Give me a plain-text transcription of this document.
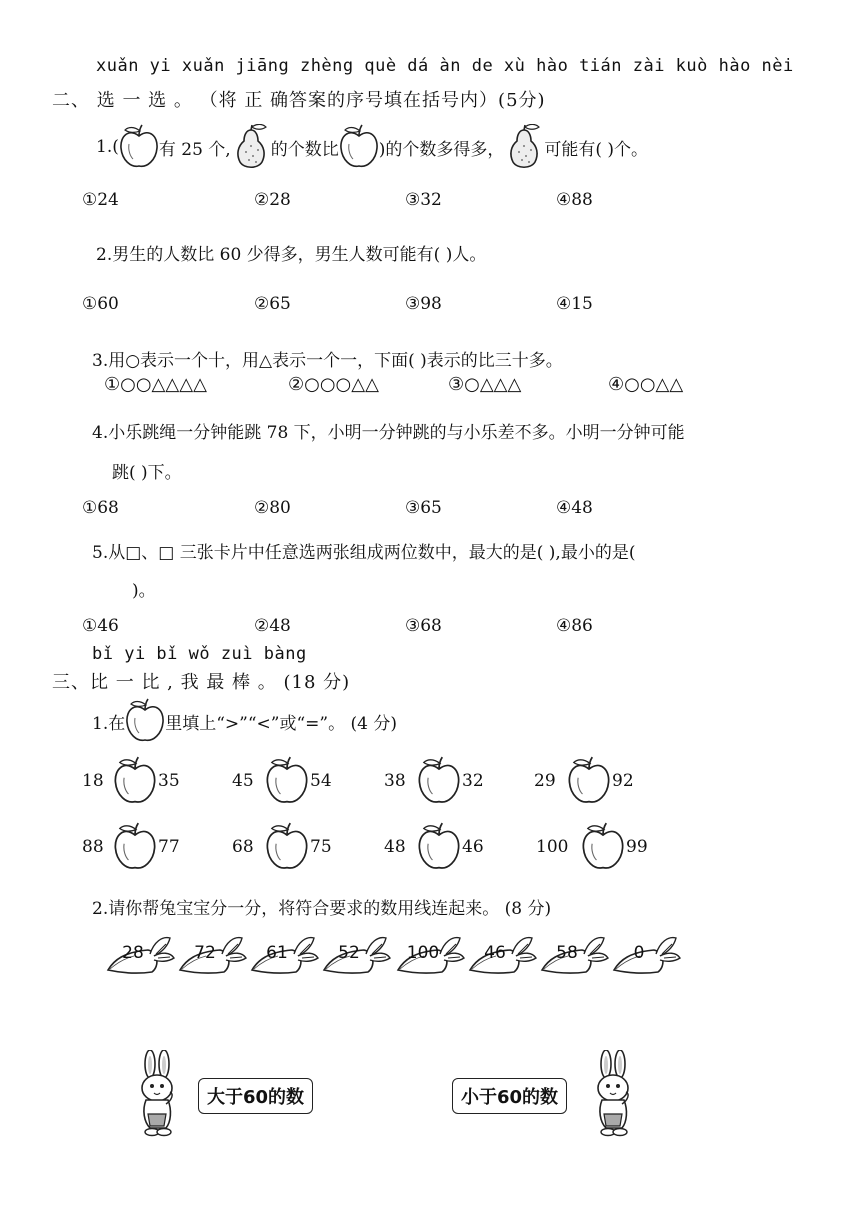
xuǎn yi xuǎn jiāng zhèng què dá àn de xù hào tián zài kuò hào nèi
二、 选 一 选 。 （将 正 确答案的序号填在括号内）(5分)
1.( 有 25 个, 的个数比 )的个数多得多， 可能有( )个。
①24	②28	③32	④88
2.男生的人数比 60 少得多，男生人数可能有( )人。
①60	②65	③98	④15
3.用○表示一个十，用△表示一个一，下面( )表示的比三十多。
①○○△△△△	②○○○△△	③○△△△	④○○△△
4.小乐跳绳一分钟能跳 78 下，小明一分钟跳的与小乐差不多。小明一分钟可能
跳( )下。
①68	②80	③65	④48
5.从□、□ 三张卡片中任意选两张组成两位数中，最大的是( ),最小的是(
)。
①46	②48	③68	④86
bǐ yi bǐ wǒ zuì bàng
三、比 一 比 , 我 最 棒 。 (18 分)
1.在 里填上“>”“<”或“=”。 (4 分)
18	35	45	54	38	32	29	92
88	77	68	75	48	46	100	99
2.请你帮兔宝宝分一分，将符合要求的数用线连起来。 (8 分)
28	72	61	52	100	46	58	0
大于60的数	小于60的数
